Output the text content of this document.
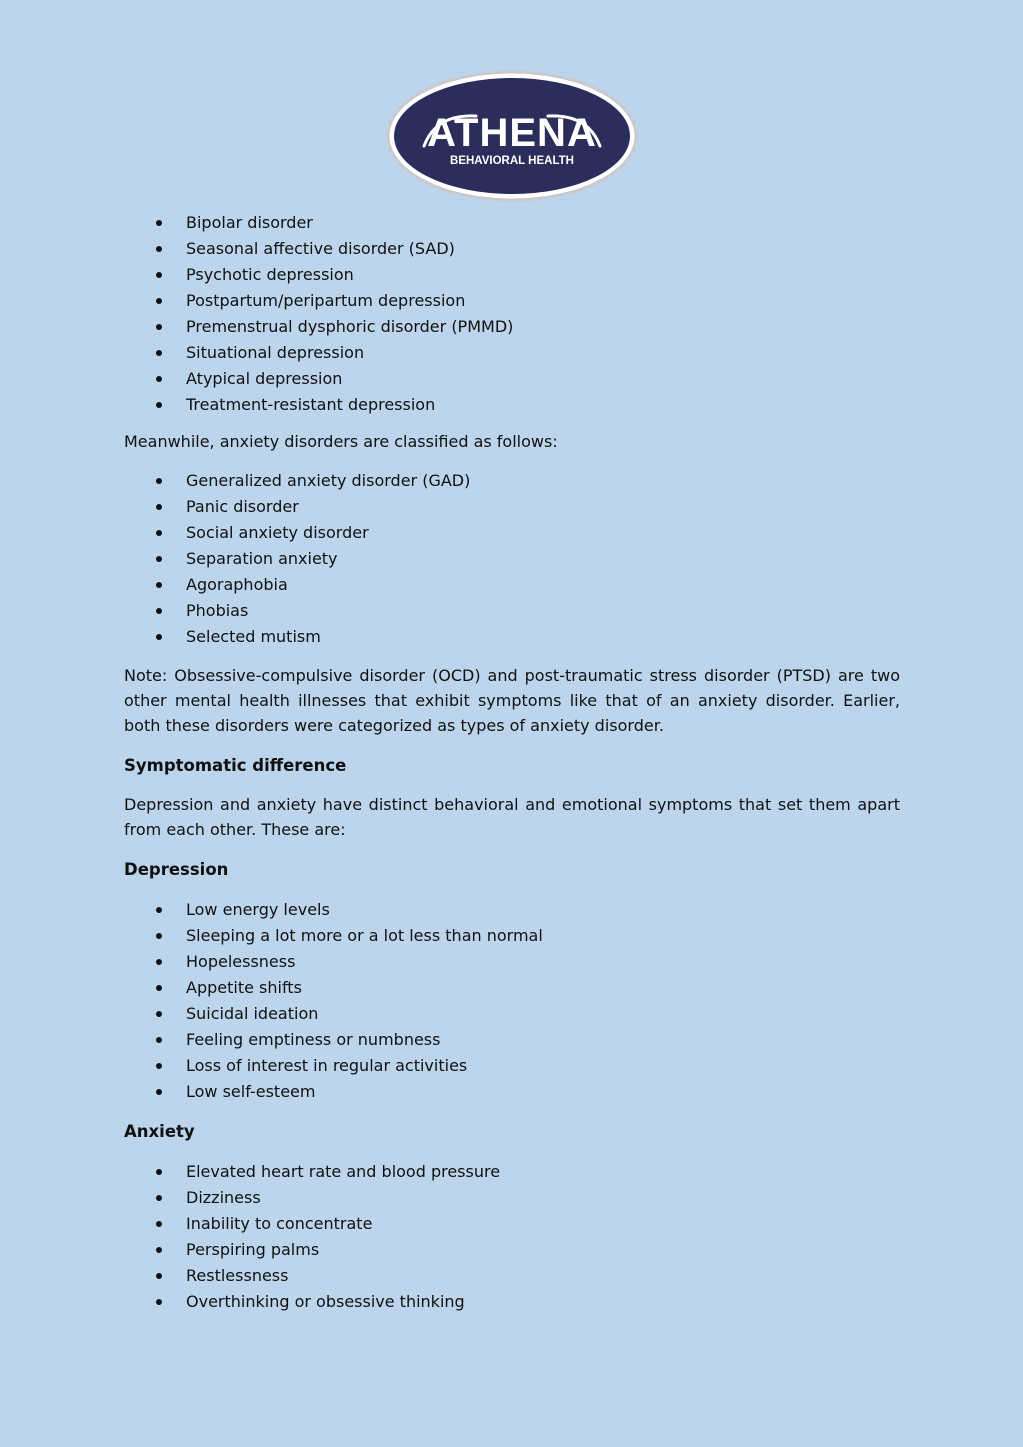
ATHENA
BEHAVIORAL HEALTH
Bipolar disorder
Seasonal affective disorder (SAD)
Psychotic depression
Postpartum/peripartum depression
Premenstrual dysphoric disorder (PMMD)
Situational depression
Atypical depression
Treatment-resistant depression

Meanwhile, anxiety disorders are classified as follows:

Generalized anxiety disorder (GAD)
Panic disorder
Social anxiety disorder
Separation anxiety
Agoraphobia
Phobias
Selected mutism

Note: Obsessive-compulsive disorder (OCD) and post-traumatic stress disorder (PTSD) are two other mental health illnesses that exhibit symptoms like that of an anxiety disorder. Earlier, both these disorders were categorized as types of anxiety disorder.

Symptomatic difference

Depression and anxiety have distinct behavioral and emotional symptoms that set them apart from each other. These are:

Depression
Low energy levels
Sleeping a lot more or a lot less than normal
Hopelessness
Appetite shifts
Suicidal ideation
Feeling emptiness or numbness
Loss of interest in regular activities
Low self-esteem
Anxiety
Elevated heart rate and blood pressure
Dizziness
Inability to concentrate
Perspiring palms
Restlessness
Overthinking or obsessive thinking
